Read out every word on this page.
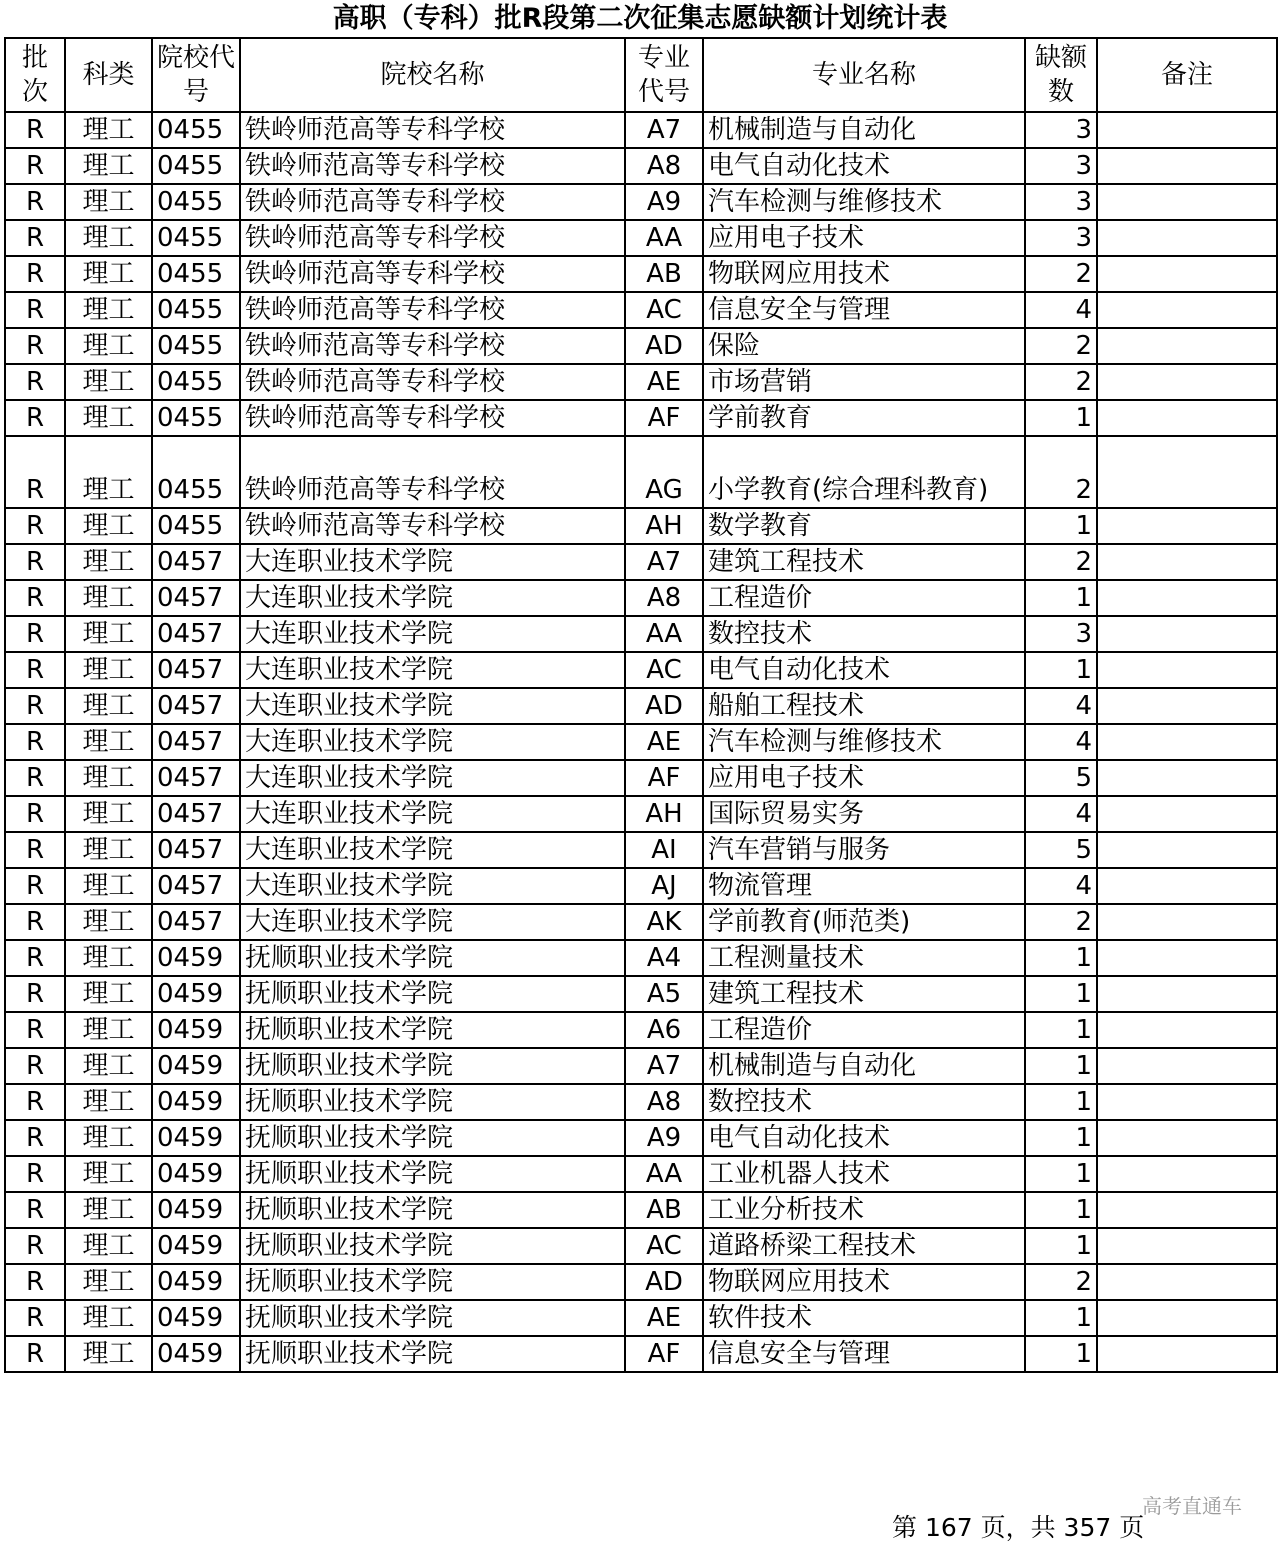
高职（专科）批R段第二次征集志愿缺额计划统计表
批次	科类	院校代号	院校名称	专业代号	专业名称	缺额数	备注
R	理工	0455	铁岭师范高等专科学校	A7	机械制造与自动化	3	
R	理工	0455	铁岭师范高等专科学校	A8	电气自动化技术	3	
R	理工	0455	铁岭师范高等专科学校	A9	汽车检测与维修技术	3	
R	理工	0455	铁岭师范高等专科学校	AA	应用电子技术	3	
R	理工	0455	铁岭师范高等专科学校	AB	物联网应用技术	2	
R	理工	0455	铁岭师范高等专科学校	AC	信息安全与管理	4	
R	理工	0455	铁岭师范高等专科学校	AD	保险	2	
R	理工	0455	铁岭师范高等专科学校	AE	市场营销	2	
R	理工	0455	铁岭师范高等专科学校	AF	学前教育	1	
R	理工	0455	铁岭师范高等专科学校	AG	小学教育(综合理科教育)	2	
R	理工	0455	铁岭师范高等专科学校	AH	数学教育	1	
R	理工	0457	大连职业技术学院	A7	建筑工程技术	2	
R	理工	0457	大连职业技术学院	A8	工程造价	1	
R	理工	0457	大连职业技术学院	AA	数控技术	3	
R	理工	0457	大连职业技术学院	AC	电气自动化技术	1	
R	理工	0457	大连职业技术学院	AD	船舶工程技术	4	
R	理工	0457	大连职业技术学院	AE	汽车检测与维修技术	4	
R	理工	0457	大连职业技术学院	AF	应用电子技术	5	
R	理工	0457	大连职业技术学院	AH	国际贸易实务	4	
R	理工	0457	大连职业技术学院	AI	汽车营销与服务	5	
R	理工	0457	大连职业技术学院	AJ	物流管理	4	
R	理工	0457	大连职业技术学院	AK	学前教育(师范类)	2	
R	理工	0459	抚顺职业技术学院	A4	工程测量技术	1	
R	理工	0459	抚顺职业技术学院	A5	建筑工程技术	1	
R	理工	0459	抚顺职业技术学院	A6	工程造价	1	
R	理工	0459	抚顺职业技术学院	A7	机械制造与自动化	1	
R	理工	0459	抚顺职业技术学院	A8	数控技术	1	
R	理工	0459	抚顺职业技术学院	A9	电气自动化技术	1	
R	理工	0459	抚顺职业技术学院	AA	工业机器人技术	1	
R	理工	0459	抚顺职业技术学院	AB	工业分析技术	1	
R	理工	0459	抚顺职业技术学院	AC	道路桥梁工程技术	1	
R	理工	0459	抚顺职业技术学院	AD	物联网应用技术	2	
R	理工	0459	抚顺职业技术学院	AE	软件技术	1	
R	理工	0459	抚顺职业技术学院	AF	信息安全与管理	1	
高考直通车
第 167 页，共 357 页
